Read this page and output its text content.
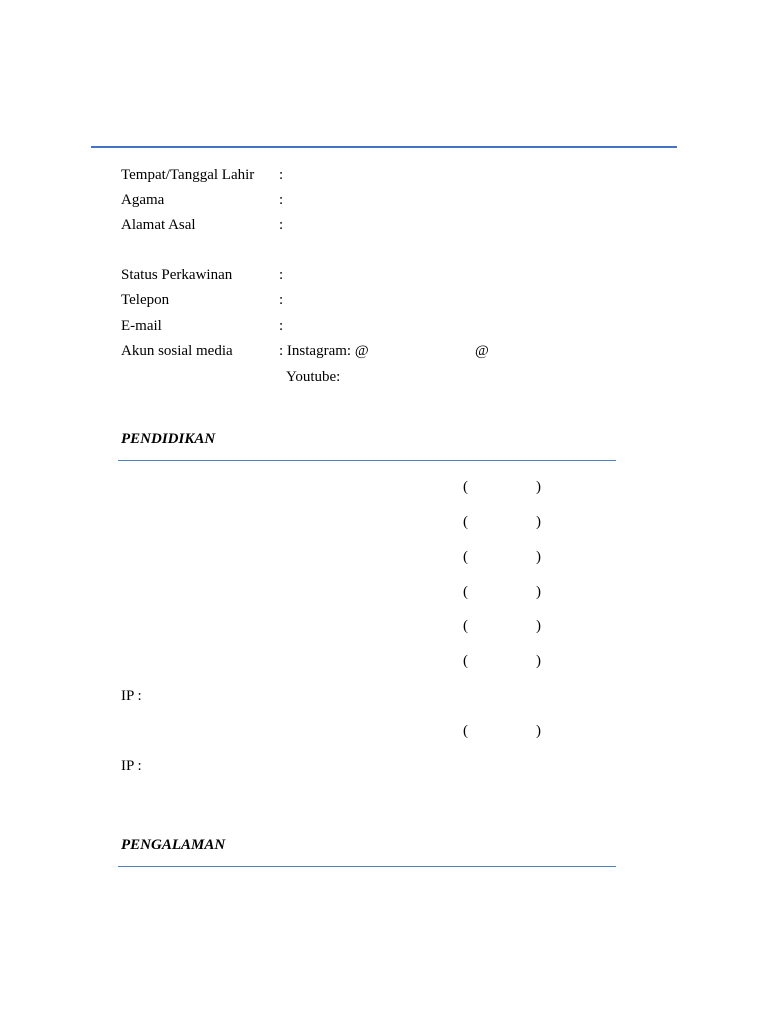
Tempat/Tanggal Lahir :
Agama	:
Alamat Asal	:
Status Perkawinan	:
Telepon	:
E-mail	:
Akun sosial media	: Instagram: @	@
Youtube:
PENDIDIKAN
(	)
(	)
(	)
(	)
(	)
(	)
IP :
(	)
IP :
PENGALAMAN
